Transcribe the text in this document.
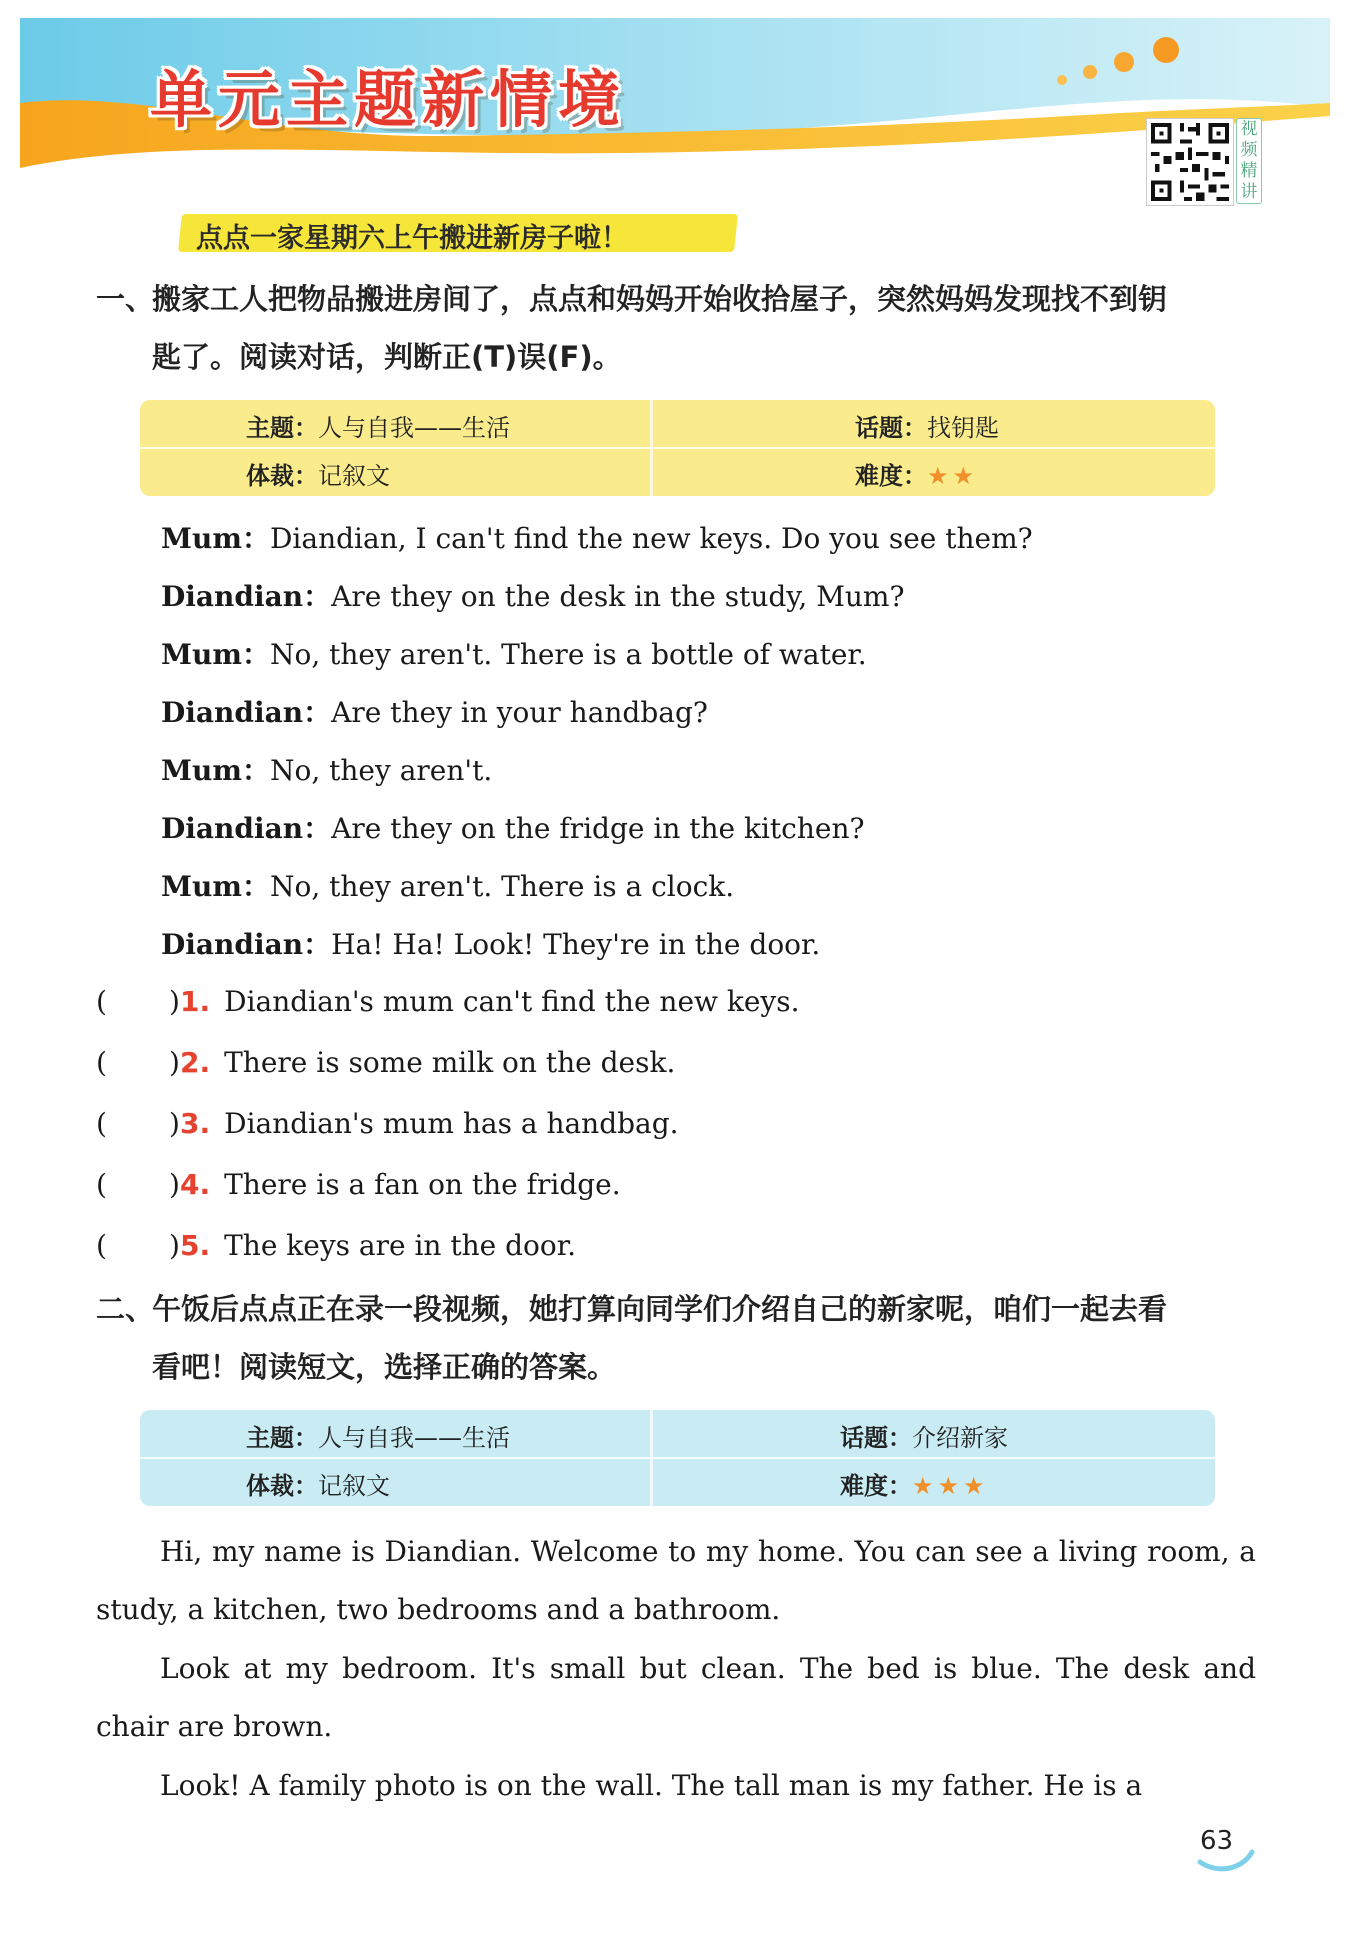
单元主题新情境	视频精讲
点点一家星期六上午搬进新房子啦！
一、搬家工人把物品搬进房间了，点点和妈妈开始收拾屋子，突然妈妈发现找不到钥
匙了。阅读对话，判断正(T)误(F)。
主题：人与自我——生活	话题：找钥匙
体裁：记叙文	难度：★ ★
Mum：Diandian, I can't find the new keys. Do you see them?
Diandian：Are they on the desk in the study, Mum?
Mum：No, they aren't. There is a bottle of water.
Diandian：Are they in your handbag?
Mum：No, they aren't.
Diandian：Are they on the fridge in the kitchen?
Mum：No, they aren't. There is a clock.
Diandian：Ha! Ha! Look! They're in the door.
( )1. Diandian's mum can't find the new keys.
( )2. There is some milk on the desk.
( )3. Diandian's mum has a handbag.
( )4. There is a fan on the fridge.
( )5. The keys are in the door.
二、午饭后点点正在录一段视频，她打算向同学们介绍自己的新家呢，咱们一起去看
看吧！阅读短文，选择正确的答案。
主题：人与自我——生活	话题：介绍新家
体裁：记叙文	难度：★ ★ ★
Hi, my name is Diandian. Welcome to my home. You can see a living room, a study, a kitchen, two bedrooms and a bathroom.
Look at my bedroom. It's small but clean. The bed is blue. The desk and chair are brown.
Look! A family photo is on the wall. The tall man is my father. He is a
63
